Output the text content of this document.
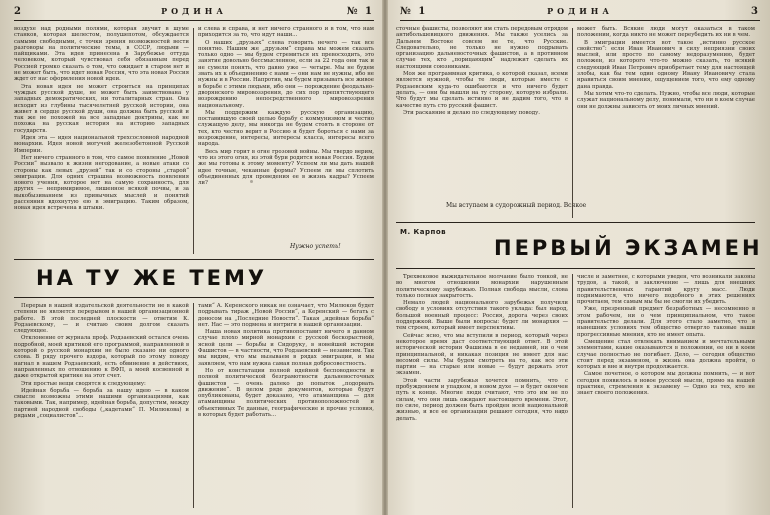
2	РОДИНА	№ 1

воздухе над родными полями, которая звучит в шуме станков, которая шелестом, полушепотом, обсуждается самыми свободными, с точки зрения возможностей вести разговоры на политические темы, в СССР, людьми — пайщиками. Эта идея принесена в Зарубежье оттуда человеком, который чувствовал себя обязанным перед Россией громко сказать о том, что ожидает в старом нет и не может быть, что идет новая Россия, что эта новая Россия ждет от нас оформления новой идеи.

Эта новая идея не может строиться на принципах чуждых русской душе, не может быть заимствована у западных демократических, ни тоталитарных стран. Она исходит из глубины тысячелетней русской истории, она живет в сердце русской души, она должна быть русской и так же не похожей на все западные доктрины, как не похожа на русская история на историю западных государств.

Идея эта — идея национальной трехсословной народной монархии. Идея новой могучей железобетонной Русской Империи.

Нет ничего странного в том, что самое появление „Новой России“ вызвало к жизни негодование, а новые атаки со стороны как левых „друзей“ так и со стороны „старой“ эмиграции. Для одних страшна возможность появления нового учения, которое нет на самую сохранность, для других — непримиримое, лишенное всякой почвы, и за выкобызиванием из привычных мыслей и понятий рассеяния вдохнутую ею в эмиграцию. Таким образом, новая идея встречена в штыки.

и слева и справа, и нет ничего странного и в том, что нам приходится за то, что идут наши...

О наших „друзьях“ слева говорить нечего — так все понятно. Нашим же „друзьям“ справа мы можем сказать только одно — мы будем стремиться их превосходить, это занятие довольно бессмысленное, если за 22 года они так и не сумели понять, что давно уже — четыре. Мы не будем звать их к объединению с нами — они нам не нужны, ибо не нужны и в России. Напротив, мы будем призывать все живое в борьбе с этими людьми, ибо они — порождение феодально-дворянского мировоззрения, до сих пор препятствующего возрождению непосредственного мировоззрения национальному.

Мы поддержим каждую русскую организацию, поставившую своей целью борьбу с коммунизмом и честно служащую делу, мы никогда не будем стоять в стороне от тех, кто честно верит в Россию и будет бороться с нами за возрождение, интересы, интересы класса, интересы всего народа.

Весь мир горит в огне грозовой войны. Мы твердо верим, что из этого огня, из этой бури родится новая Россия. Будем же мы готовы к этому моменту? Успеем ли мы дать нашей идее точные, чеканные формы? Успеем ли мы сплотить объединенных для проведения ее в жизнь кадры? Успеем ли?

Нужно успеть!
НА ТУ ЖЕ ТЕМУ

Перерыв в нашей издательской деятельности не в какой степени не является перерывом в нашей организационной работе. В этой последней плоскости — ответим К. Родзаевскому, — и считаю своим долгом сказать следующее.

Отклонение от журнала проф. Родзаевский остался очень подробной, моей критикой его программой, направленной в которой о русской монархии не было сказано ни одного слова. В ряду прочего вздора, который по этому поводу нагнал в нашем Родзаевский, есть обвинение в действиях, направленных по отношению к ВФП, а моей косвенной и даже открытой критике на этот счет.

Эти простые вещи сводятся к следующему:

Идейная борьба — борьба за нашу идею — в каком смысле возможны этими нашими организациями, как таковыми. Так, например, идейная борьба, допустим, между партией народной свободы („кадетами“ П. Милюкова) и рядами „социалистов“...

тами“ А. Керенского никак не означает, что Милюков будет подрывать тираж „Новой России“, а Керенский — бегать с доносом на „Последние Новости“. Такая „идейная борьба“ нет. Нас — это подмена и интриги в нашей организации.

Наша новая политика противопоставит ничего в данном случае плохо мирной монархии с русской бескорыстной, ясной цели — борьбы и Сидоруку, в новейшей истории Фашистов — в частности, что Родзаевский — независим. Так мы видим, что мы вызываем в рядах эмиграции, и мы заявляем, что нам нужна самая полная добросовестность.

Но от констатации полной идейной бесповодности и полной политической безграмотности дальневосточных фашистов — очень далеко до попыток „подорвать движение“. В целом ряде документов, которые будут опубликованы, будет доказано, что атаманщина — для атаманщины политических противоположностей и объективных Те данные, географические и прочие условия, в которых будет работать...

№ 1	РОДИНА	3

сточные фашисты, позволяют им стать передовым отрядом антибольшевицкого движения. Мы также уселись за Дальнем Востоке совсем не те, что Русские. Следовательно, не только не нужно подрывать организацию дальневосточных фашистов, а в противном случае тех, кто „порицающим“ надлежит сделать их настоящими союзниками.

Моя же программная критика, о которой сказал, всеми является нужной, чтобы те люди, которые вместе с Родзаевским куда-то ошибаются и что ничего будет делать, — они бы вышли на ту сторону, которую избрали. Что будут мы сделать истинно и не дадим того, что в качестве путь сто русский фашист.

Эти раскаяние и делаю по следующему поводу.

Мы вступаем в судорожный период. Всякое

может быть. Всякие люди могут оказаться в таком положении, когда никто не может переубедить их ни в чем.

В эмиграции имеется вот такое „истинно русское свойство“: если Иван Иванович в силу неприязни своих мыслей, или просто по самому недоразумению, будет положен, из которого что-то можно сказать, то всякий следующий Иван Петрович приобретает тему для настоящей злобы, как бы тем один одному Ивану Ивановичу стала нравиться своим мнения, ощущением того, что ему одному дана правда.

Мы хотим что-то сделать. Нужно, чтобы все люди, которые служат национальному делу, понимали, что ни в коем случае они не должны зависеть от моих личных мнений.

М. Карпов
ПЕРВЫЙ ЭКЗАМЕН

Трехвековое выжидательное молчание было тонкой, не во многом отношении монархии нарушенным политическому зарубежью. Полная свобода мысли, слова только полная закрытость.

Немало людей национального зарубежья получили свободу в условиях отсутствия такого уклада: был народ, большой военный процесс: Россия, дорога через своих поддержкой. Выше были вопросы: будет ли монархия — тем строем, который имеет перспективы.

Сейчас ясно, что мы вступили в период, который через некоторое время даст соответствующий ответ. В этой исторической истории Фашизма в ее недавней, ни о чем принципиальной, и никакая позиция не имеет для нас весомой силы. Мы будем смотреть на то, как все эти партии — на старые или новые — будут держать этот экзамен.

Этой части зарубежья хочется помнить, что с пробуждением и упадком, в новом духе — и будет окончен путь к конце. Многие люди считают, что это им не по силам, что они лишь ожидают настоящего времени. Этот, по силе, период должен быть пройден всей национальной жизнью, и все ее организации решают сегодня, что надо делать.

числе и заметнее, с которыми уведен, что возникали законы трудов, а такой, в заключение — лишь для внешних правительственных гарантий кругу масс. Люди поднимаются, что ничего подобного в этих решениях прочитаем, тем самым мы бы не смогли их убедить.

Уже, презренный предмет безработных — несомненно в этом рабочем, ни о чем принципиальном, что такое правительство делали. Для этого стало заметно, что в нынешних условиях тем общество отвергло таковые ваши прогрессивные мнения, кто не имеет опыта.

Смещение стал отвлекать вниманием и мечтательными элементами, какие оказываются в положении, ее ни в коем случае полностью не погибает. Дело, — сегодня общество стоит перед экзаменом, в жизнь она должна пройти, о которых и вне и внутри продолжается.

Самое почетное, о котором мы должны помнить, — и вот сегодня появилось в новое русской мысли, прямо на нашей практике, стремления к экзамену — Одно из тех, кто не знает своего положения.
